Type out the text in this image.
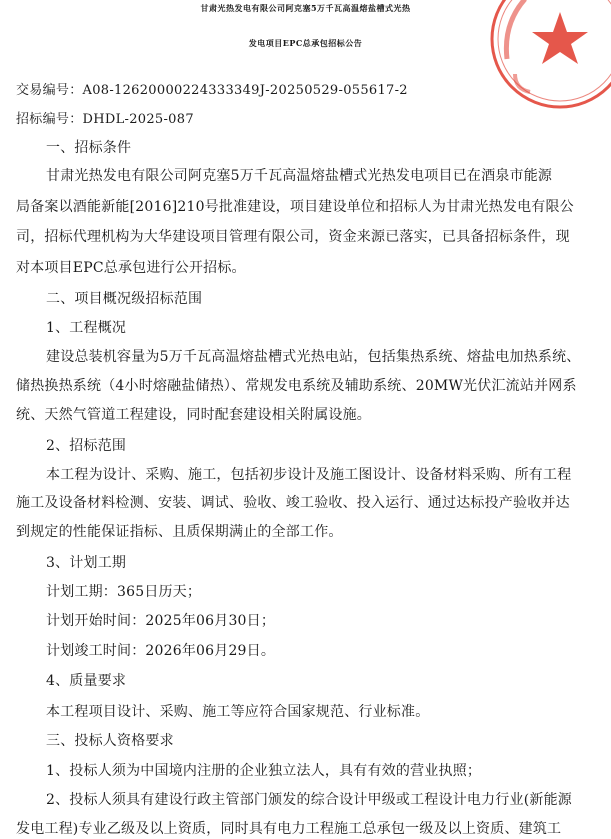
甘肃光热发电有限公司阿克塞5万千瓦高温熔盐槽式光热
发电项目EPC总承包招标公告
交易编号：A08-12620000224333349J-20250529-055617-2
招标编号：DHDL-2025-087
一、招标条件
甘肃光热发电有限公司阿克塞5万千瓦高温熔盐槽式光热发电项目已在酒泉市能源
局备案以酒能新能[2016]210号批准建设，项目建设单位和招标人为甘肃光热发电有限公
司，招标代理机构为大华建设项目管理有限公司，资金来源已落实，已具备招标条件，现
对本项目EPC总承包进行公开招标。
二、项目概况级招标范围
1、工程概况
建设总装机容量为5万千瓦高温熔盐槽式光热电站，包括集热系统、熔盐电加热系统、
储热换热系统（4小时熔融盐储热）、常规发电系统及辅助系统、20MW光伏汇流站并网系
统、天然气管道工程建设，同时配套建设相关附属设施。
2、招标范围
本工程为设计、采购、施工，包括初步设计及施工图设计、设备材料采购、所有工程
施工及设备材料检测、安装、调试、验收、竣工验收、投入运行、通过达标投产验收并达
到规定的性能保证指标、且质保期满止的全部工作。
3、计划工期
计划工期：365日历天；
计划开始时间：2025年06月30日；
计划竣工时间：2026年06月29日。
4、质量要求
本工程项目设计、采购、施工等应符合国家规范、行业标准。
三、投标人资格要求
1、投标人须为中国境内注册的企业独立法人，具有有效的营业执照；
2、投标人须具有建设行政主管部门颁发的综合设计甲级或工程设计电力行业(新能源
发电工程)专业乙级及以上资质，同时具有电力工程施工总承包一级及以上资质、建筑工
